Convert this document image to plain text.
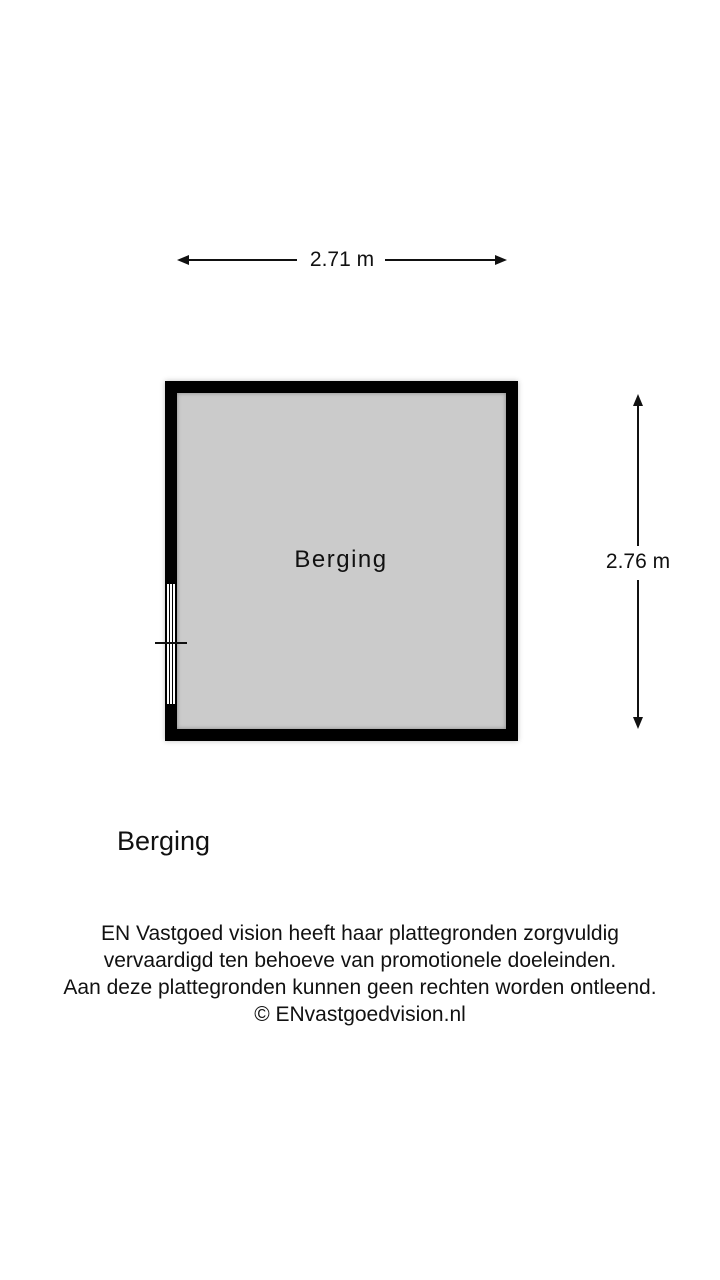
2.71 m
Berging	2.76 m
Berging
EN Vastgoed vision heeft haar plattegronden zorgvuldig
vervaardigd ten behoeve van promotionele doeleinden.
Aan deze plattegronden kunnen geen rechten worden ontleend.
© ENvastgoedvision.nl
